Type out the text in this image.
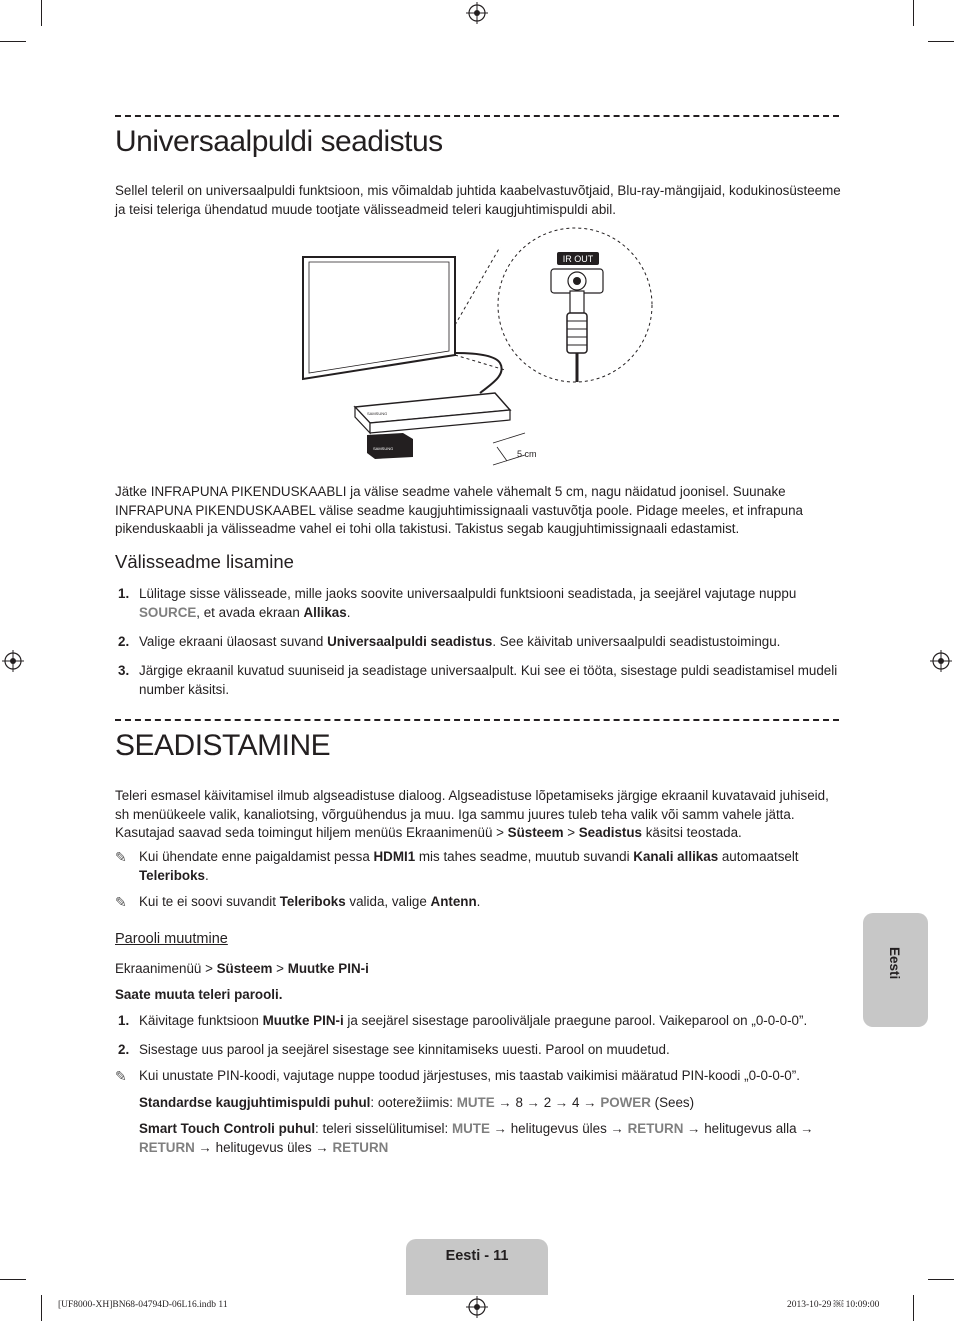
Universaalpuldi seadistus
Sellel teleril on universaalpuldi funktsioon, mis võimaldab juhtida kaabelvastuvõtjaid, Blu-ray-mängijaid, kodukinosüsteeme ja teisi teleriga ühendatud muude tootjate välisseadmeid teleri kaugjuhtimispuldi abil.
IR OUT
SAMSUNG
SAMSUNG
5 cm
Jätke INFRAPUNA PIKENDUSKAABLI ja välise seadme vahele vähemalt 5 cm, nagu näidatud joonisel. Suunake INFRAPUNA PIKENDUSKAABEL välise seadme kaugjuhtimissignaali vastuvõtja poole. Pidage meeles, et infrapuna pikenduskaabli ja välisseadme vahel ei tohi olla takistusi. Takistus segab kaugjuhtimissignaali edastamist.
Välisseadme lisamine
1. Lülitage sisse välisseade, mille jaoks soovite universaalpuldi funktsiooni seadistada, ja seejärel vajutage nuppu SOURCE, et avada ekraan Allikas.
2. Valige ekraani ülaosast suvand Universaalpuldi seadistus. See käivitab universaalpuldi seadistustoimingu.
3. Järgige ekraanil kuvatud suuniseid ja seadistage universaalpult. Kui see ei tööta, sisestage puldi seadistamisel mudeli number käsitsi.
SEADISTAMINE
Teleri esmasel käivitamisel ilmub algseadistuse dialoog. Algseadistuse lõpetamiseks järgige ekraanil kuvatavaid juhiseid, sh menüükeele valik, kanaliotsing, võrguühendus ja muu. Iga sammu juures tuleb teha valik või samm vahele jätta. Kasutajad saavad seda toimingut hiljem menüüs Ekraanimenüü > Süsteem > Seadistus käsitsi teostada.
✎ Kui ühendate enne paigaldamist pessa HDMI1 mis tahes seadme, muutub suvandi Kanali allikas automaatselt Teleriboks.
✎ Kui te ei soovi suvandit Teleriboks valida, valige Antenn.
Parooli muutmine
Ekraanimenüü > Süsteem > Muutke PIN-i
Saate muuta teleri parooli.
1. Käivitage funktsioon Muutke PIN-i ja seejärel sisestage parooliväljale praegune parool. Vaikeparool on „0-0-0-0”.
2. Sisestage uus parool ja seejärel sisestage see kinnitamiseks uuesti. Parool on muudetud.
✎ Kui unustate PIN-koodi, vajutage nuppe toodud järjestuses, mis taastab vaikimisi määratud PIN-koodi „0-0-0-0”.
Standardse kaugjuhtimispuldi puhul: ooterežiimis: MUTE → 8 → 2 → 4 → POWER (Sees)
Smart Touch Controli puhul: teleri sisselülitumisel: MUTE → helitugevus üles → RETURN → helitugevus alla → RETURN → helitugevus üles → RETURN
Eesti
Eesti - 11
[UF8000-XH]BN68-04794D-06L16.indb 11	2013-10-29 ￼ 10:09:00
